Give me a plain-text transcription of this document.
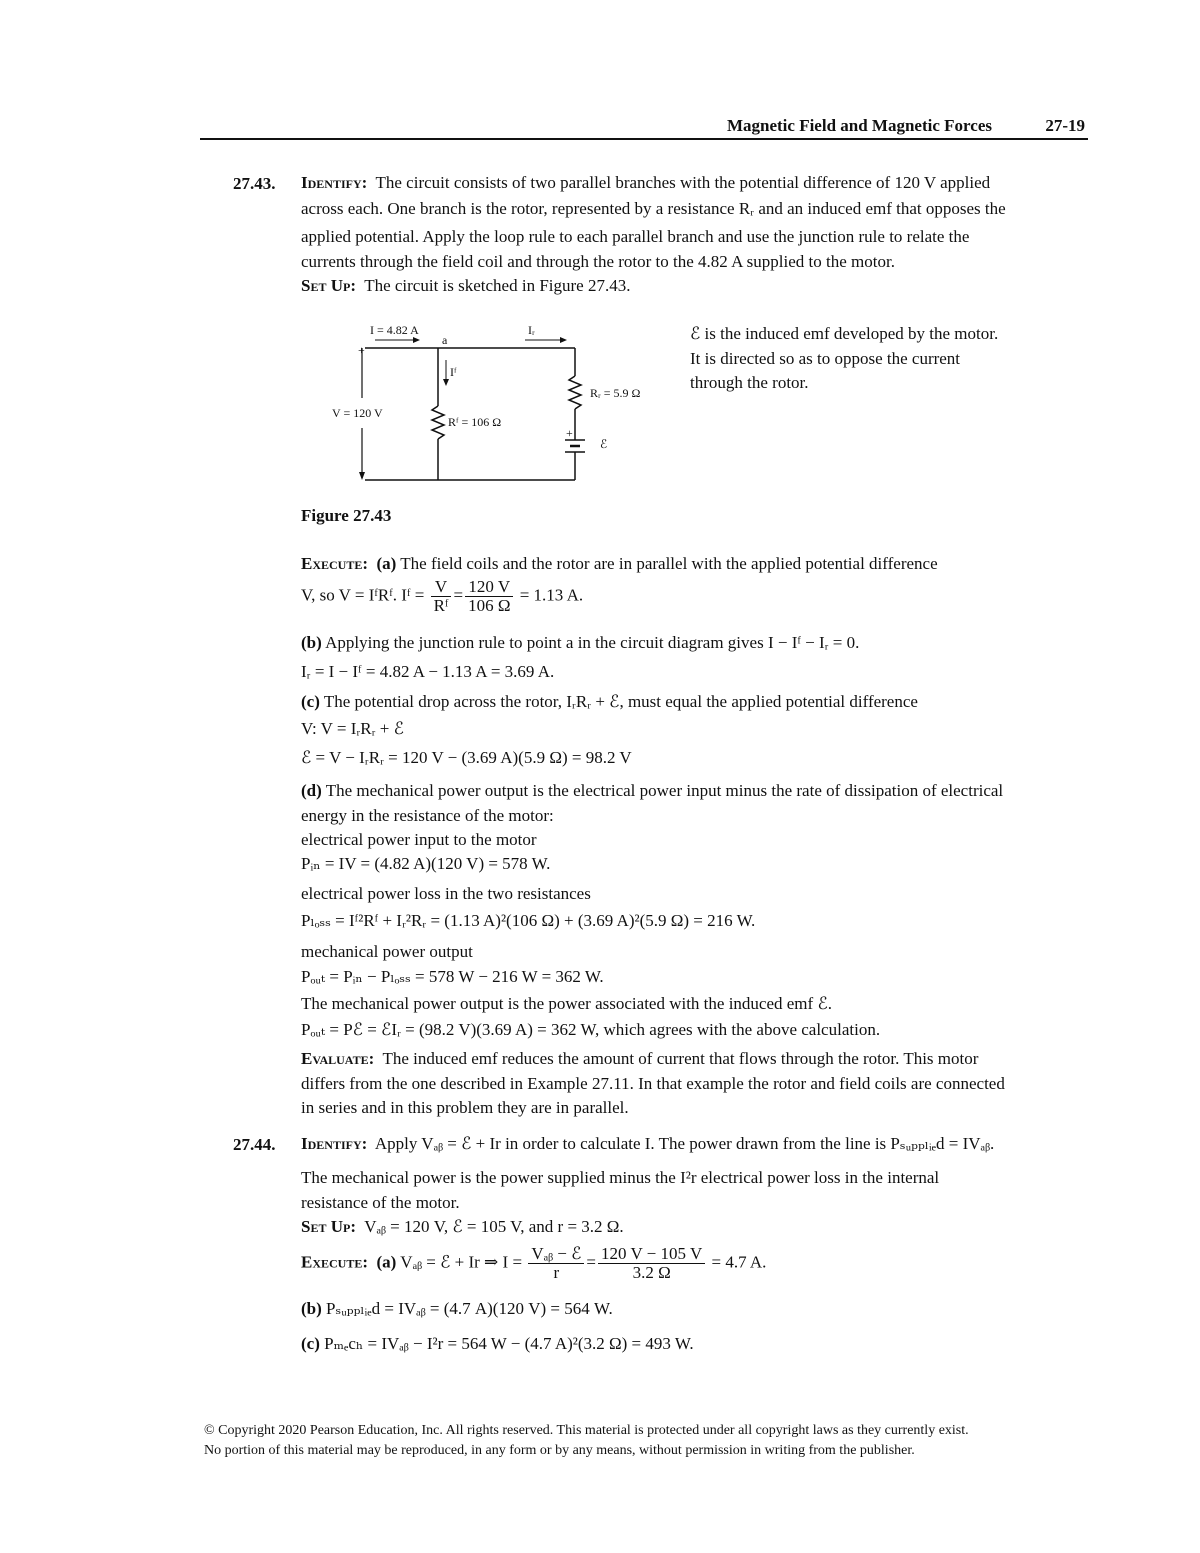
Magnetic Field and Magnetic Forces	27-19
27.43. Identify: The circuit consists of two parallel branches with the potential difference of 120 V applied
across each. One branch is the rotor, represented by a resistance Rᵣ and an induced emf that opposes the
applied potential. Apply the loop rule to each parallel branch and use the junction rule to relate the
currents through the field coil and through the rotor to the 4.82 A supplied to the motor.
Set Up: The circuit is sketched in Figure 27.43.
I = 4.82 A
a
Iᵣ
Iᶠ
Rᵣ = 5.9 Ω
Rᶠ = 106 Ω
V = 120 V
ℰ
+
+
ℰ is the induced emf developed by the motor.
It is directed so as to oppose the current
through the rotor.
Figure 27.43
Execute: (a) The field coils and the rotor are in parallel with the applied potential difference
V, so V = IᶠRᶠ. Iᶠ = $\frac{V}{\text{Rᶠ}} = \frac{120 V}{106 \Omega} = 1.13$ A.
(b) Applying the junction rule to point a in the circuit diagram gives I − Iᶠ − Iᵣ = 0.
Iᵣ = I − Iᶠ = 4.82 A − 1.13 A = 3.69 A.
(c) The potential drop across the rotor, IᵣRᵣ + ℰ, must equal the applied potential difference
V: V = IᵣRᵣ + ℰ
ℰ = V − IᵣRᵣ = 120 V − (3.69 A)(5.9 Ω) = 98.2 V
(d) The mechanical power output is the electrical power input minus the rate of dissipation of electrical
energy in the resistance of the motor:
electrical power input to the motor
Pᵢₙ = IV = (4.82 A)(120 V) = 578 W.
electrical power loss in the two resistances
Pₗₒₛₛ = Iᶠ²Rᶠ + Iᵣ²Rᵣ = (1.13 A)²(106 Ω) + (3.69 A)²(5.9 Ω) = 216 W.
mechanical power output
Pₒᵤₜ = Pᵢₙ − Pₗₒₛₛ = 578 W − 216 W = 362 W.
The mechanical power output is the power associated with the induced emf ℰ.
Pₒᵤₜ = Pℰ = ℰIᵣ = (98.2 V)(3.69 A) = 362 W, which agrees with the above calculation.
Evaluate: The induced emf reduces the amount of current that flows through the rotor. This motor
differs from the one described in Example 27.11. In that example the rotor and field coils are connected
in series and in this problem they are in parallel.
27.44. Identify: Apply Vₐᵦ = ℰ + Ir in order to calculate I. The power drawn from the line is Pₛᵤₚₚₗᵢₑd = IVₐᵦ.
The mechanical power is the power supplied minus the I²r electrical power loss in the internal
resistance of the motor.
Set Up: Vₐᵦ = 120 V, ℰ = 105 V, and r = 3.2 Ω.
Execute: (a) Vₐᵦ = ℰ + Ir ⇒ $I = \frac{\text{Vₐᵦ − ℰ}}{r} = \frac{120 V - 105 V}{3.2 \Omega} = 4.7$ A.
(b) Pₛᵤₚₚₗᵢₑd = IVₐᵦ = (4.7 A)(120 V) = 564 W.
(c) Pₘₑcₕ = IVₐᵦ − I²r = 564 W − (4.7 A)²(3.2 Ω) = 493 W.
© Copyright 2020 Pearson Education, Inc. All rights reserved. This material is protected under all copyright laws as they currently exist.
No portion of this material may be reproduced, in any form or by any means, without permission in writing from the publisher.
